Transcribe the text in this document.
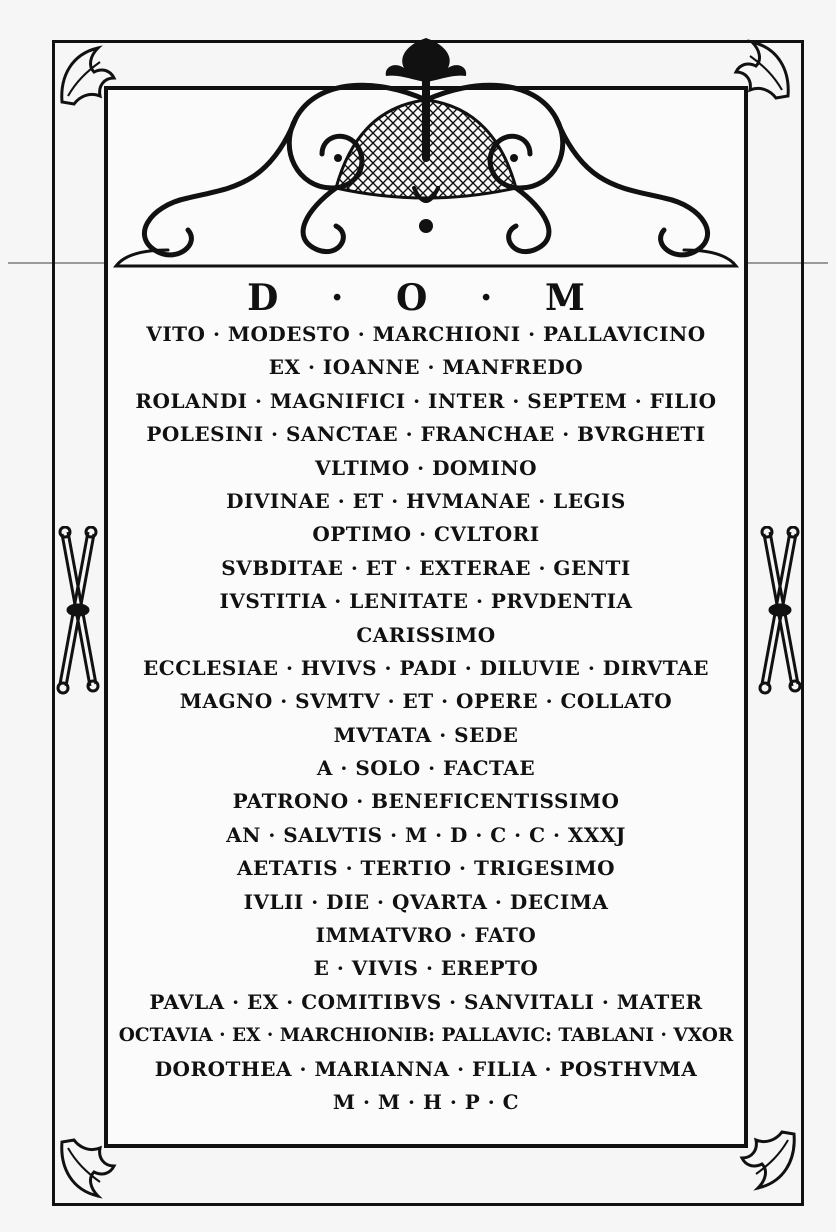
D · O · M
VITO · MODESTO · MARCHIONI · PALLAVICINO
EX · IOANNE · MANFREDO
ROLANDI · MAGNIFICI · INTER · SEPTEM · FILIO
POLESINI · SANCTAE · FRANCHAE · BVRGHETI
VLTIMO · DOMINO
DIVINAE · ET · HVMANAE · LEGIS
OPTIMO · CVLTORI
SVBDITAE · ET · EXTERAE · GENTI
IVSTITIA · LENITATE · PRVDENTIA
CARISSIMO
ECCLESIAE · HVIVS · PADI · DILUVIE · DIRVTAE
MAGNO · SVMTV · ET · OPERE · COLLATO
MVTATA · SEDE
A · SOLO · FACTAE
PATRONO · BENEFICENTISSIMO
AN · SALVTIS · M · D · C · C · XXXJ
AETATIS · TERTIO · TRIGESIMO
IVLII · DIE · QVARTA · DECIMA
IMMATVRO · FATO
E · VIVIS · EREPTO
PAVLA · EX · COMITIBVS · SANVITALI · MATER
OCTAVIA · EX · MARCHIONIB: PALLAVIC: TABLANI · VXOR
DOROTHEA · MARIANNA · FILIA · POSTHVMA
M · M · H · P · C
